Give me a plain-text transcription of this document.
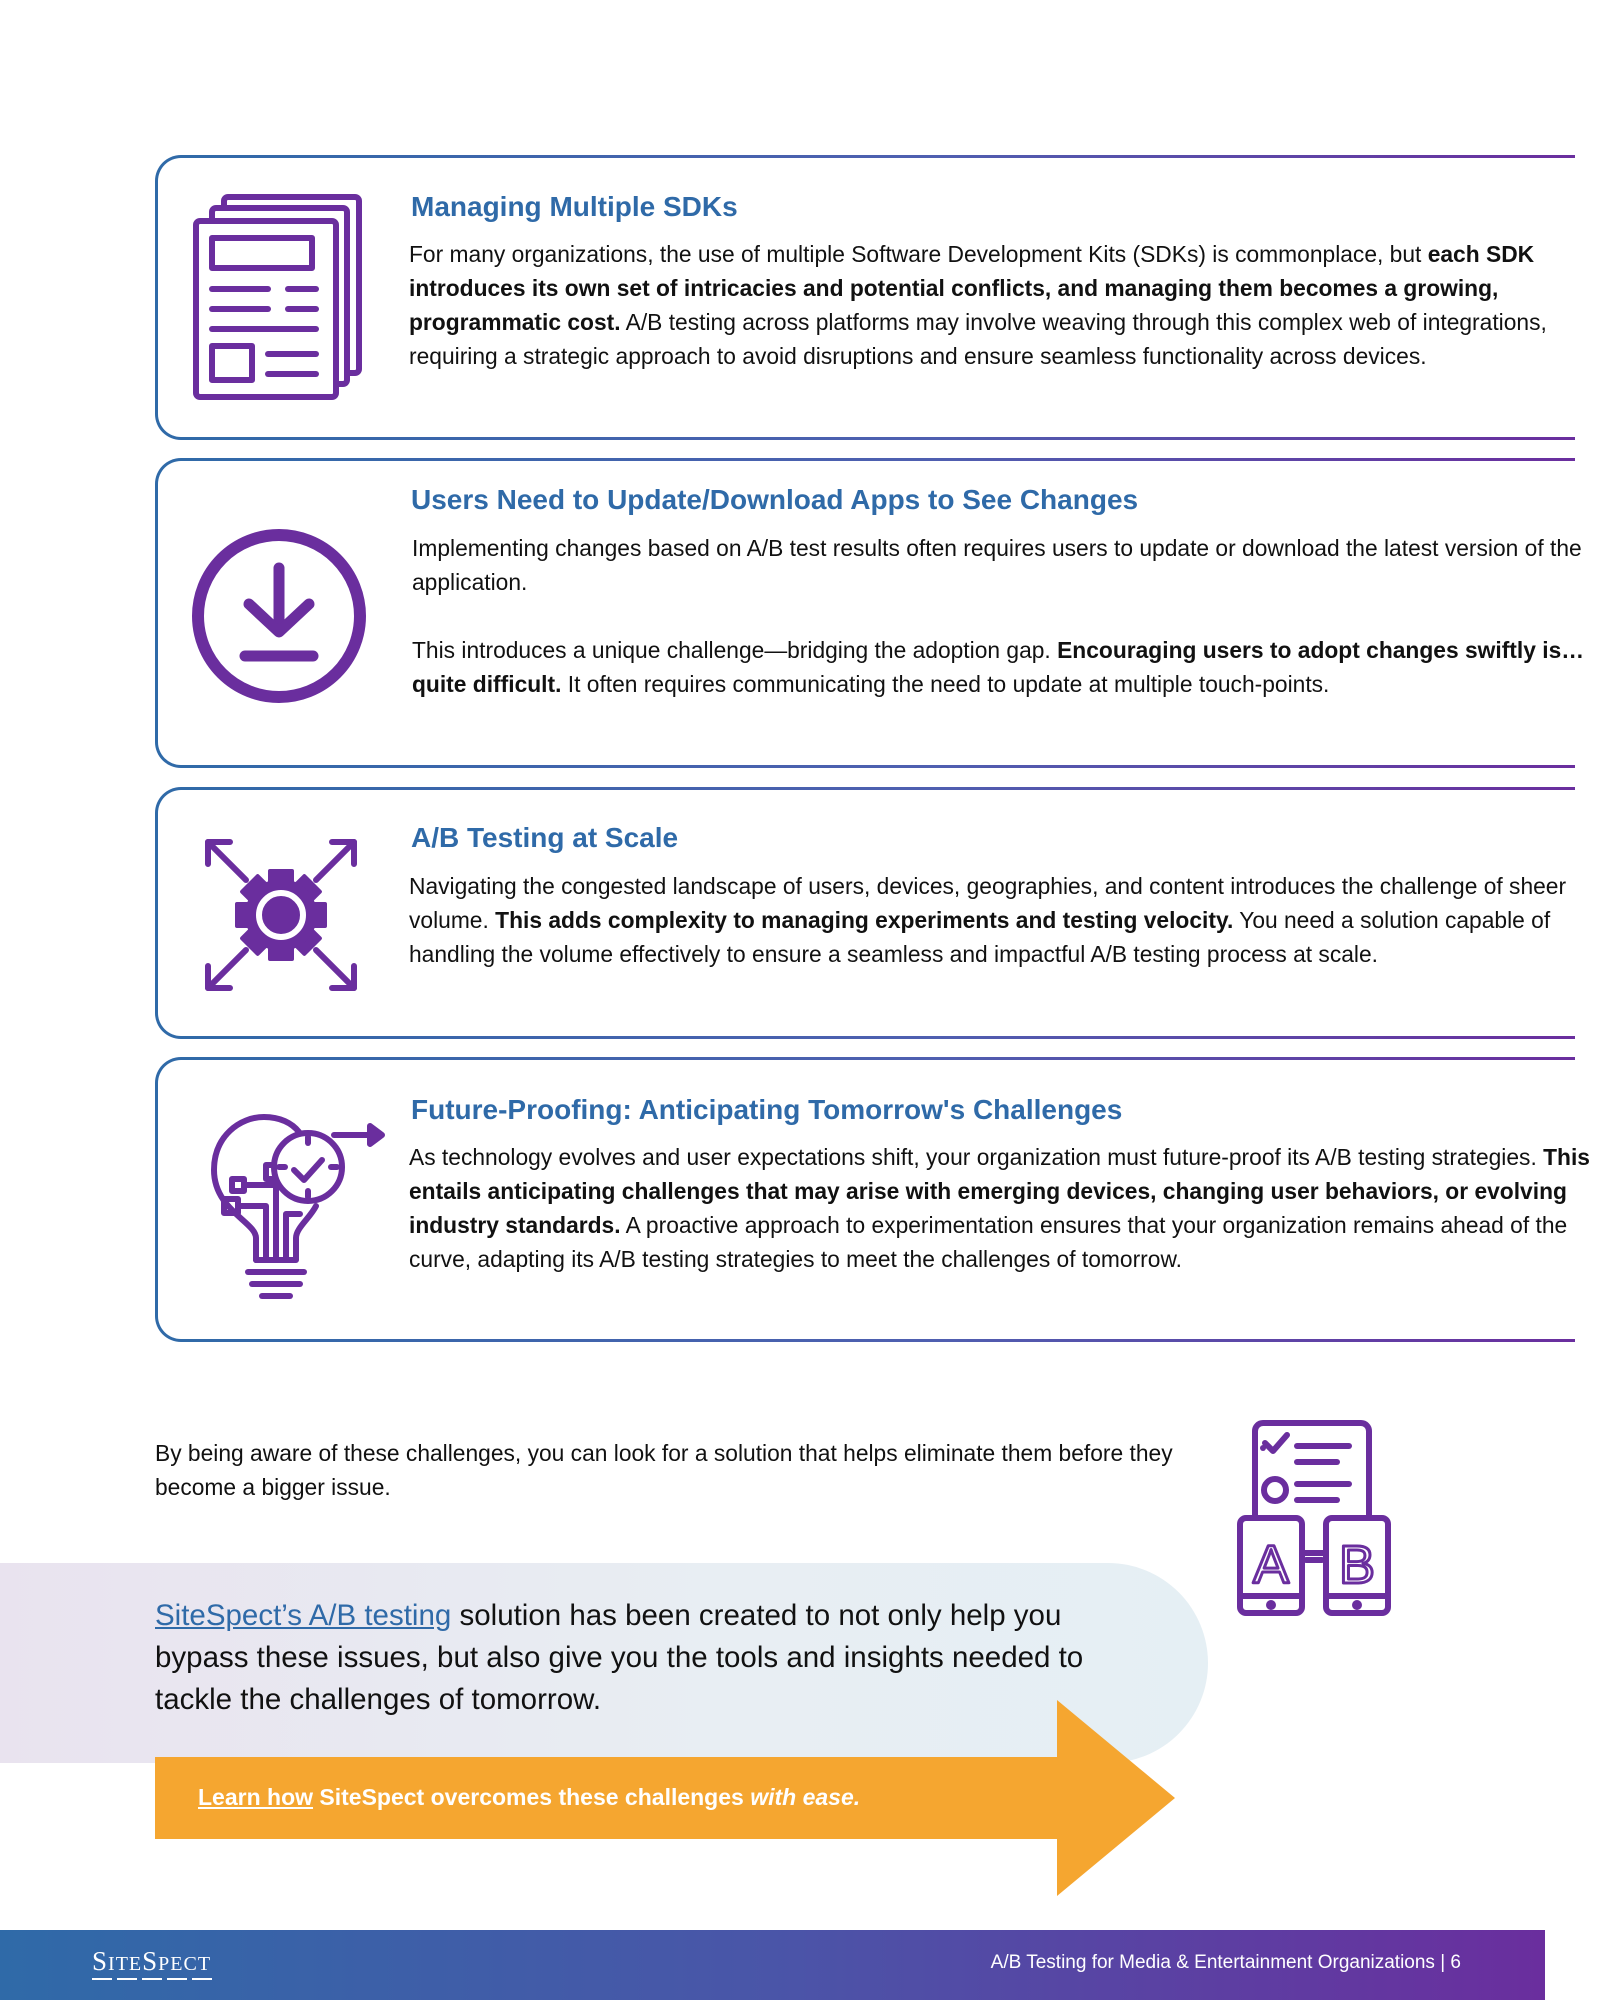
Managing Multiple SDKs

For many organizations, the use of multiple Software Development Kits (SDKs) is commonplace, but each SDK introduces its own set of intricacies and potential conflicts, and managing them becomes a growing, programmatic cost. A/B testing across platforms may involve weaving through this complex web of integrations, requiring a strategic approach to avoid disruptions and ensure seamless functionality across devices.

Users Need to Update/Download Apps to See Changes

Implementing changes based on A/B test results often requires users to update or download the latest version of the application.

This introduces a unique challenge—bridging the adoption gap. Encouraging users to adopt changes swiftly is… quite difficult. It often requires communicating the need to update at multiple touch-points.

A/B Testing at Scale

Navigating the congested landscape of users, devices, geographies, and content introduces the challenge of sheer volume. This adds complexity to managing experiments and testing velocity. You need a solution capable of handling the volume effectively to ensure a seamless and impactful A/B testing process at scale.

Future-Proofing: Anticipating Tomorrow's Challenges

As technology evolves and user expectations shift, your organization must future-proof its A/B testing strategies. This entails anticipating challenges that may arise with emerging devices, changing user behaviors, or evolving industry standards. A proactive approach to experimentation ensures that your organization remains ahead of the curve, adapting its A/B testing strategies to meet the challenges of tomorrow.

By being aware of these challenges, you can look for a solution that helps eliminate them before they become a bigger issue.

A B

SiteSpect’s A/B testing solution has been created to not only help you bypass these issues, but also give you the tools and insights needed to tackle the challenges of tomorrow.

Learn how SiteSpect overcomes these challenges with ease.

SITESPECT	A/B Testing for Media & Entertainment Organizations | 6
